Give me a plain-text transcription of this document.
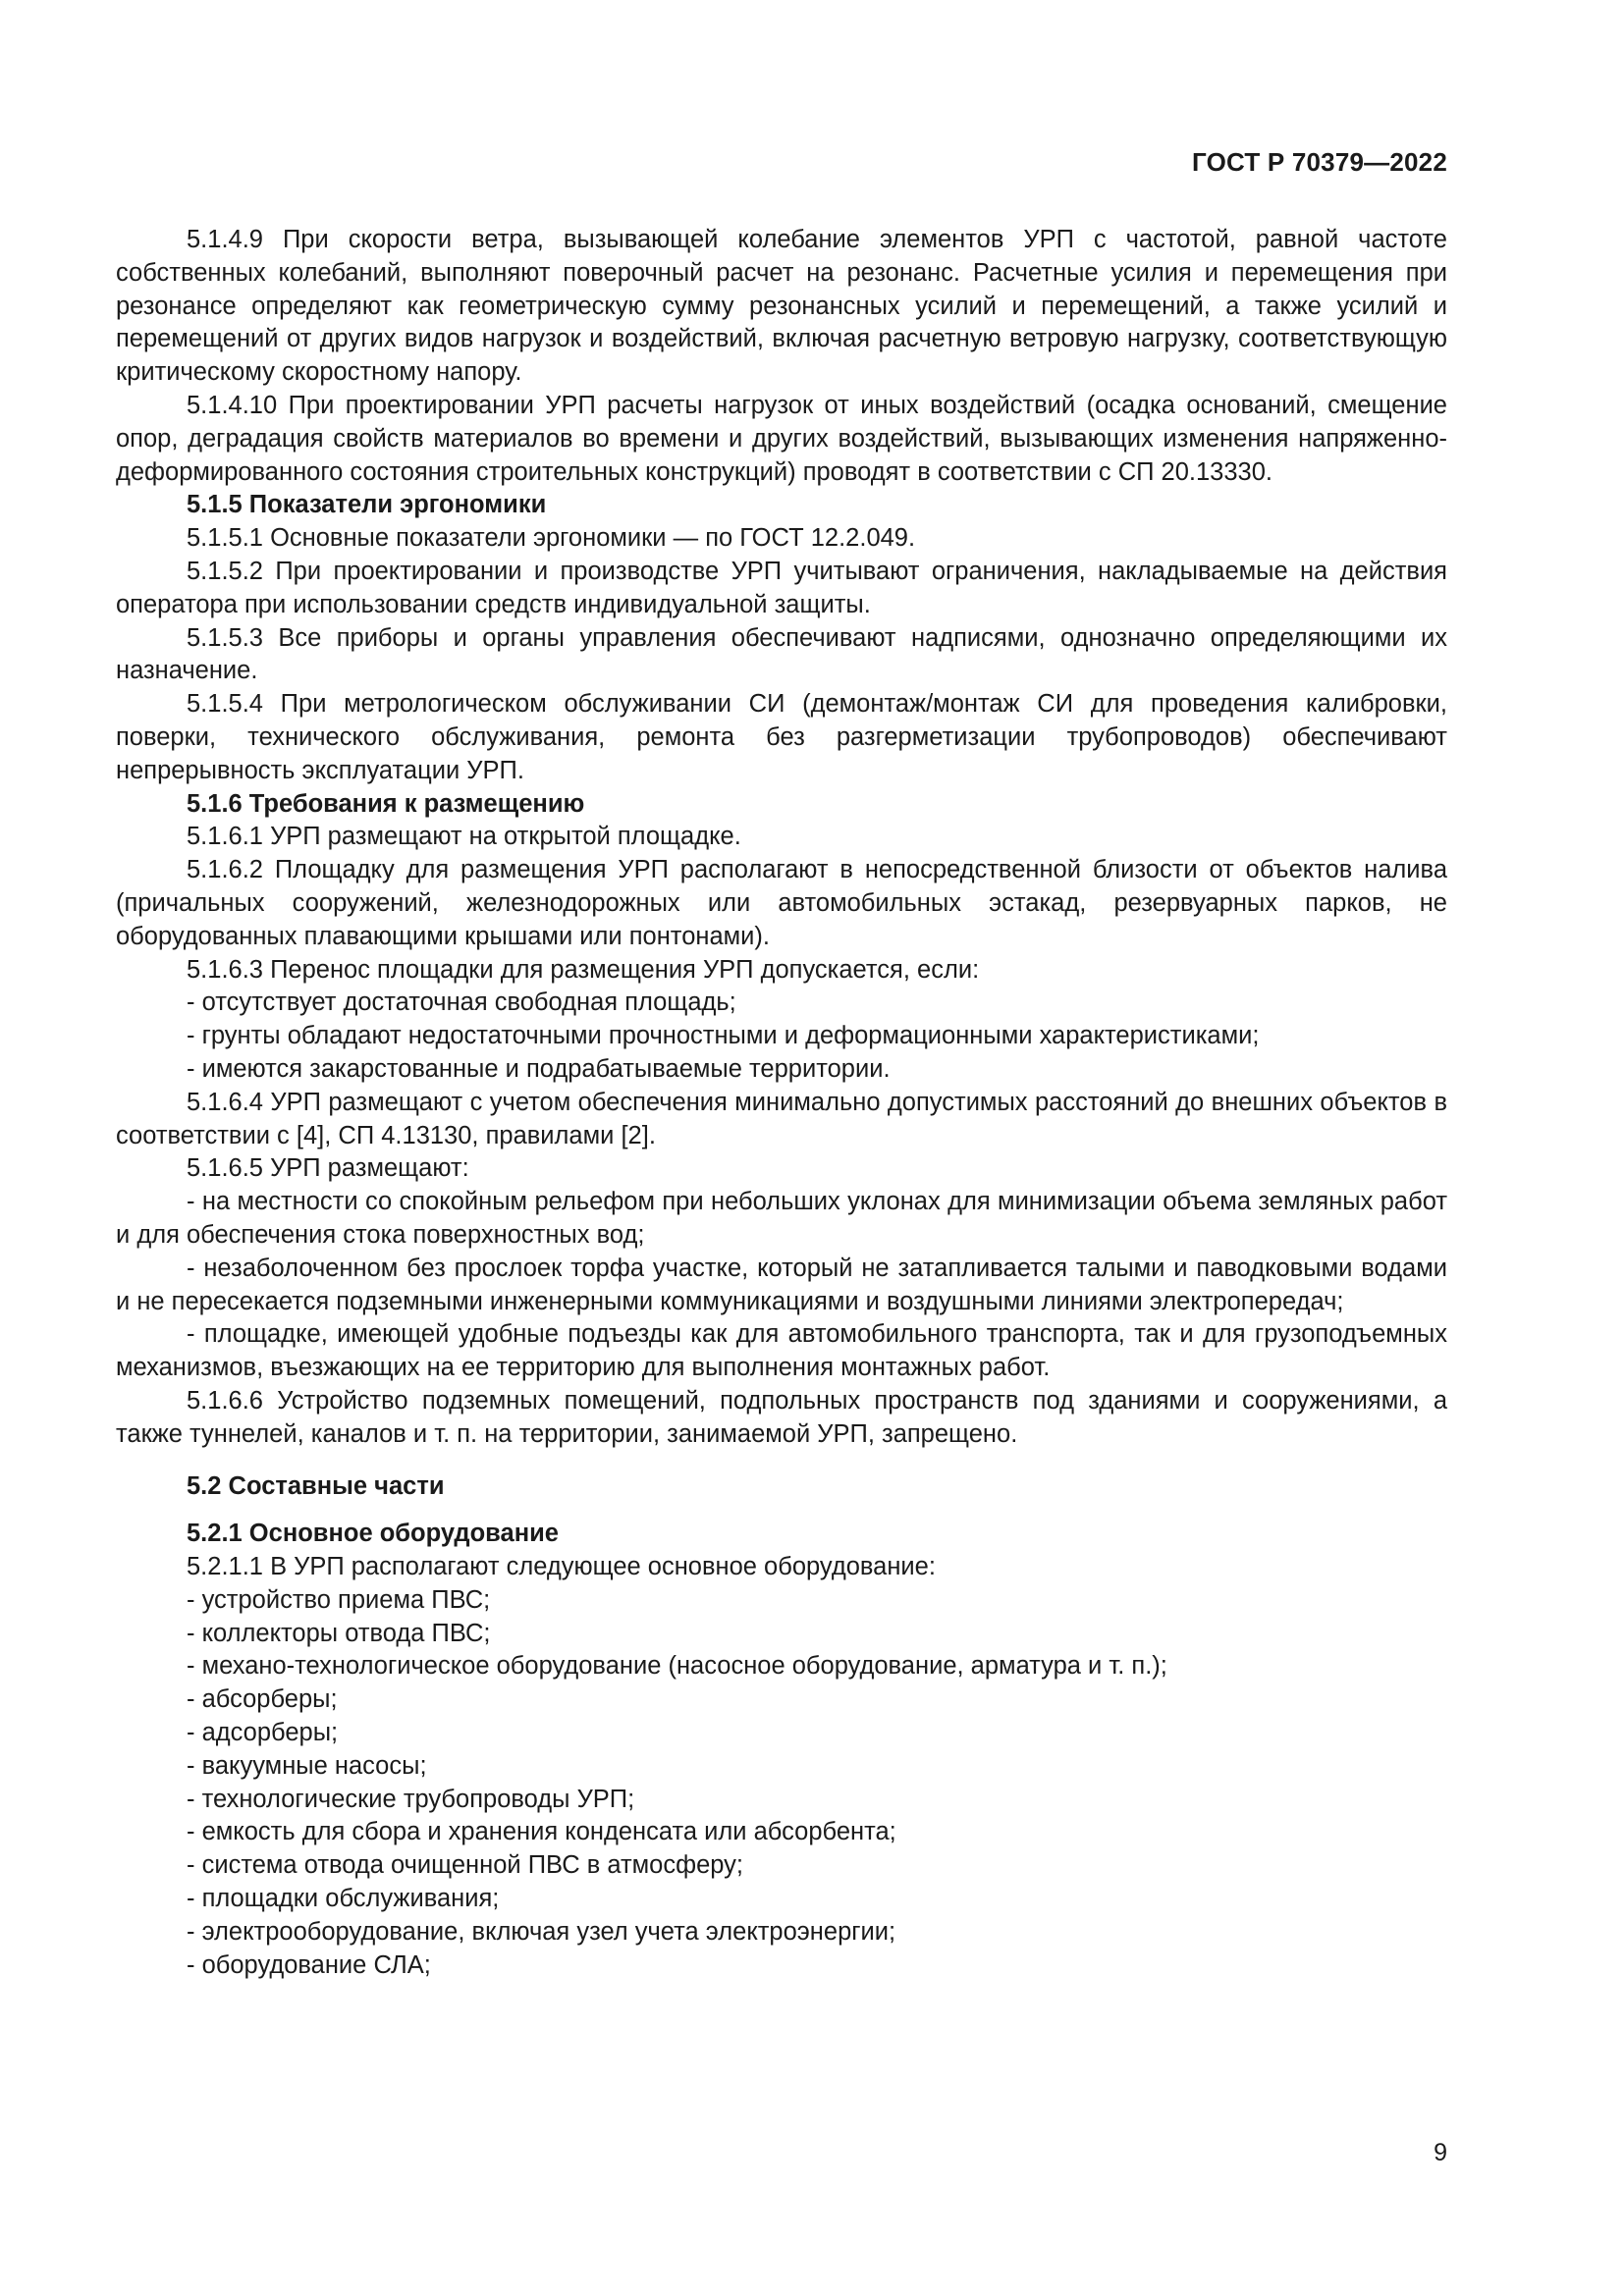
ГОСТ Р 70379—2022

5.1.4.9 При скорости ветра, вызывающей колебание элементов УРП с частотой, равной частоте собственных колебаний, выполняют поверочный расчет на резонанс. Расчетные усилия и перемещения при резонансе определяют как геометрическую сумму резонансных усилий и перемещений, а также усилий и перемещений от других видов нагрузок и воздействий, включая расчетную ветровую нагрузку, соответствующую критическому скоростному напору.

5.1.4.10 При проектировании УРП расчеты нагрузок от иных воздействий (осадка оснований, смещение опор, деградация свойств материалов во времени и других воздействий, вызывающих изменения напряженно-деформированного состояния строительных конструкций) проводят в соответствии с СП 20.13330.

5.1.5 Показатели эргономики

5.1.5.1 Основные показатели эргономики — по ГОСТ 12.2.049.

5.1.5.2 При проектировании и производстве УРП учитывают ограничения, накладываемые на действия оператора при использовании средств индивидуальной защиты.

5.1.5.3 Все приборы и органы управления обеспечивают надписями, однозначно определяющими их назначение.

5.1.5.4 При метрологическом обслуживании СИ (демонтаж/монтаж СИ для проведения калибровки, поверки, технического обслуживания, ремонта без разгерметизации трубопроводов) обеспечивают непрерывность эксплуатации УРП.

5.1.6 Требования к размещению

5.1.6.1 УРП размещают на открытой площадке.

5.1.6.2 Площадку для размещения УРП располагают в непосредственной близости от объектов налива (причальных сооружений, железнодорожных или автомобильных эстакад, резервуарных парков, не оборудованных плавающими крышами или понтонами).

5.1.6.3 Перенос площадки для размещения УРП допускается, если:

- отсутствует достаточная свободная площадь;

- грунты обладают недостаточными прочностными и деформационными характеристиками;

- имеются закарстованные и подрабатываемые территории.

5.1.6.4 УРП размещают с учетом обеспечения минимально допустимых расстояний до внешних объектов в соответствии с [4], СП 4.13130, правилами [2].

5.1.6.5 УРП размещают:

- на местности со спокойным рельефом при небольших уклонах для минимизации объема земляных работ и для обеспечения стока поверхностных вод;

- незаболоченном без прослоек торфа участке, который не затапливается талыми и паводковыми водами и не пересекается подземными инженерными коммуникациями и воздушными линиями электропередач;

- площадке, имеющей удобные подъезды как для автомобильного транспорта, так и для грузоподъемных механизмов, въезжающих на ее территорию для выполнения монтажных работ.

5.1.6.6 Устройство подземных помещений, подпольных пространств под зданиями и сооружениями, а также туннелей, каналов и т. п. на территории, занимаемой УРП, запрещено.

5.2 Составные части

5.2.1 Основное оборудование

5.2.1.1 В УРП располагают следующее основное оборудование:

- устройство приема ПВС;

- коллекторы отвода ПВС;

- механо-технологическое оборудование (насосное оборудование, арматура и т. п.);

- абсорберы;

- адсорберы;

- вакуумные насосы;

- технологические трубопроводы УРП;

- емкость для сбора и хранения конденсата или абсорбента;

- система отвода очищенной ПВС в атмосферу;

- площадки обслуживания;

- электрооборудование, включая узел учета электроэнергии;

- оборудование СЛА;

9
